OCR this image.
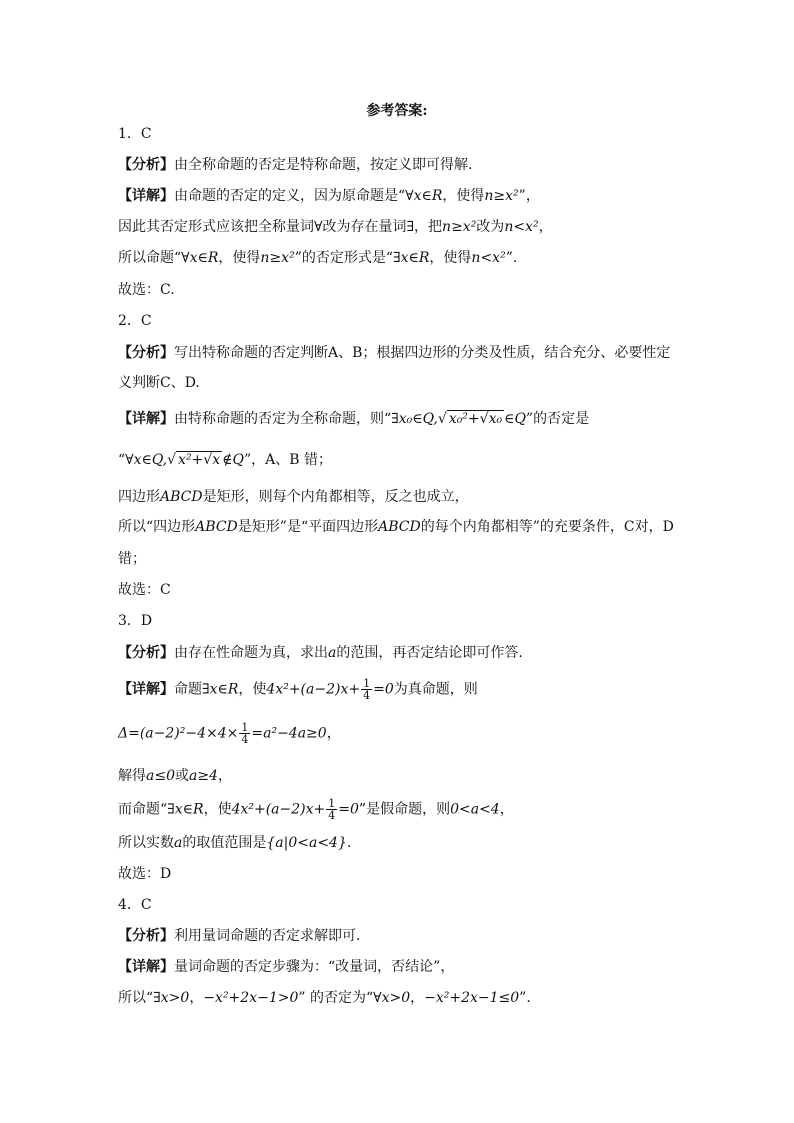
参考答案:
1．C
【分析】由全称命题的否定是特称命题，按定义即可得解.
【详解】由命题的否定的定义，因为原命题是“∀x∈R，使得n≥x²”，
因此其否定形式应该把全称量词∀改为存在量词∃，把n≥x²改为n<x²，
所以命题“∀x∈R，使得n≥x²”的否定形式是“∃x∈R，使得n<x²”.
故选：C.
2．C
【分析】写出特称命题的否定判断A、B；根据四边形的分类及性质，结合充分、必要性定
义判断C、D.
【详解】由特称命题的否定为全称命题，则“∃x₀∈Q,√ x₀²+√x₀ ∈Q”的否定是
“∀x∈Q,√ x²+√x ∉Q”，A、B 错；
四边形ABCD是矩形，则每个内角都相等，反之也成立，
所以“四边形ABCD是矩形”是“平面四边形ABCD的每个内角都相等”的充要条件，C对，D
错；
故选：C
3．D
【分析】由存在性命题为真，求出a的范围，再否定结论即可作答.
【详解】命题∃x∈R，使$4x^2+(a-2)x+ \frac{1}{4} =0$为真命题，则
$\Delta=(a-2)^2-4\times 4\times \frac{1}{4} =a^2-4a\ge 0$，
解得a≤0或a≥4，
而命题“∃x∈R，使$4x^2+(a-2)x+ \frac{1}{4} =0$”是假命题，则0<a<4，
所以实数a的取值范围是{a|0<a<4}.
故选：D
4．C
【分析】利用量词命题的否定求解即可.
【详解】量词命题的否定步骤为：“改量词，否结论”，
所以“∃x>0，−x²+2x−1>0” 的否定为“∀x>0，−x²+2x−1≤0”.
